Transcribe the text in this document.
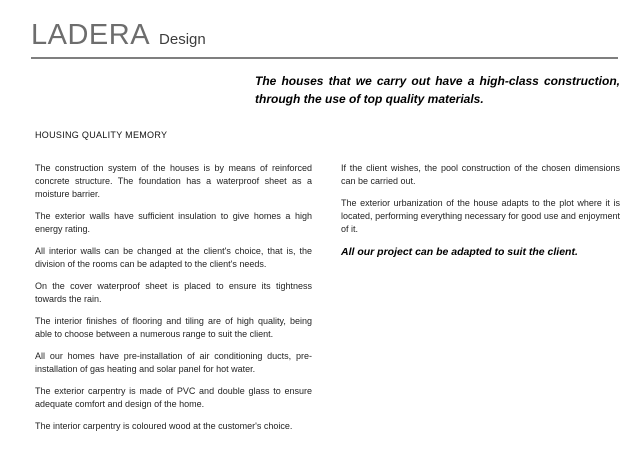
LADERA Design
The houses that we carry out have a high-class construction, through the use of top quality materials.
HOUSING QUALITY MEMORY

The construction system of the houses is by means of reinforced concrete structure. The foundation has a waterproof sheet as a moisture barrier.

The exterior walls have sufficient insulation to give homes a high energy rating.

All interior walls can be changed at the client's choice, that is, the division of the rooms can be adapted to the client's needs.

On the cover waterproof sheet is placed to ensure its tightness towards the rain.

The interior finishes of flooring and tiling are of high quality, being able to choose between a numerous range to suit the client.

All our homes have pre-installation of air conditioning ducts, pre-installation of gas heating and solar panel for hot water.

The exterior carpentry is made of PVC and double glass to ensure adequate comfort and design of the home.

The interior carpentry is coloured wood at the customer's choice.

If the client wishes, the pool construction of the chosen dimensions can be carried out.

The exterior urbanization of the house adapts to the plot where it is located, performing everything necessary for good use and enjoyment of it.

All our project can be adapted to suit the client.
